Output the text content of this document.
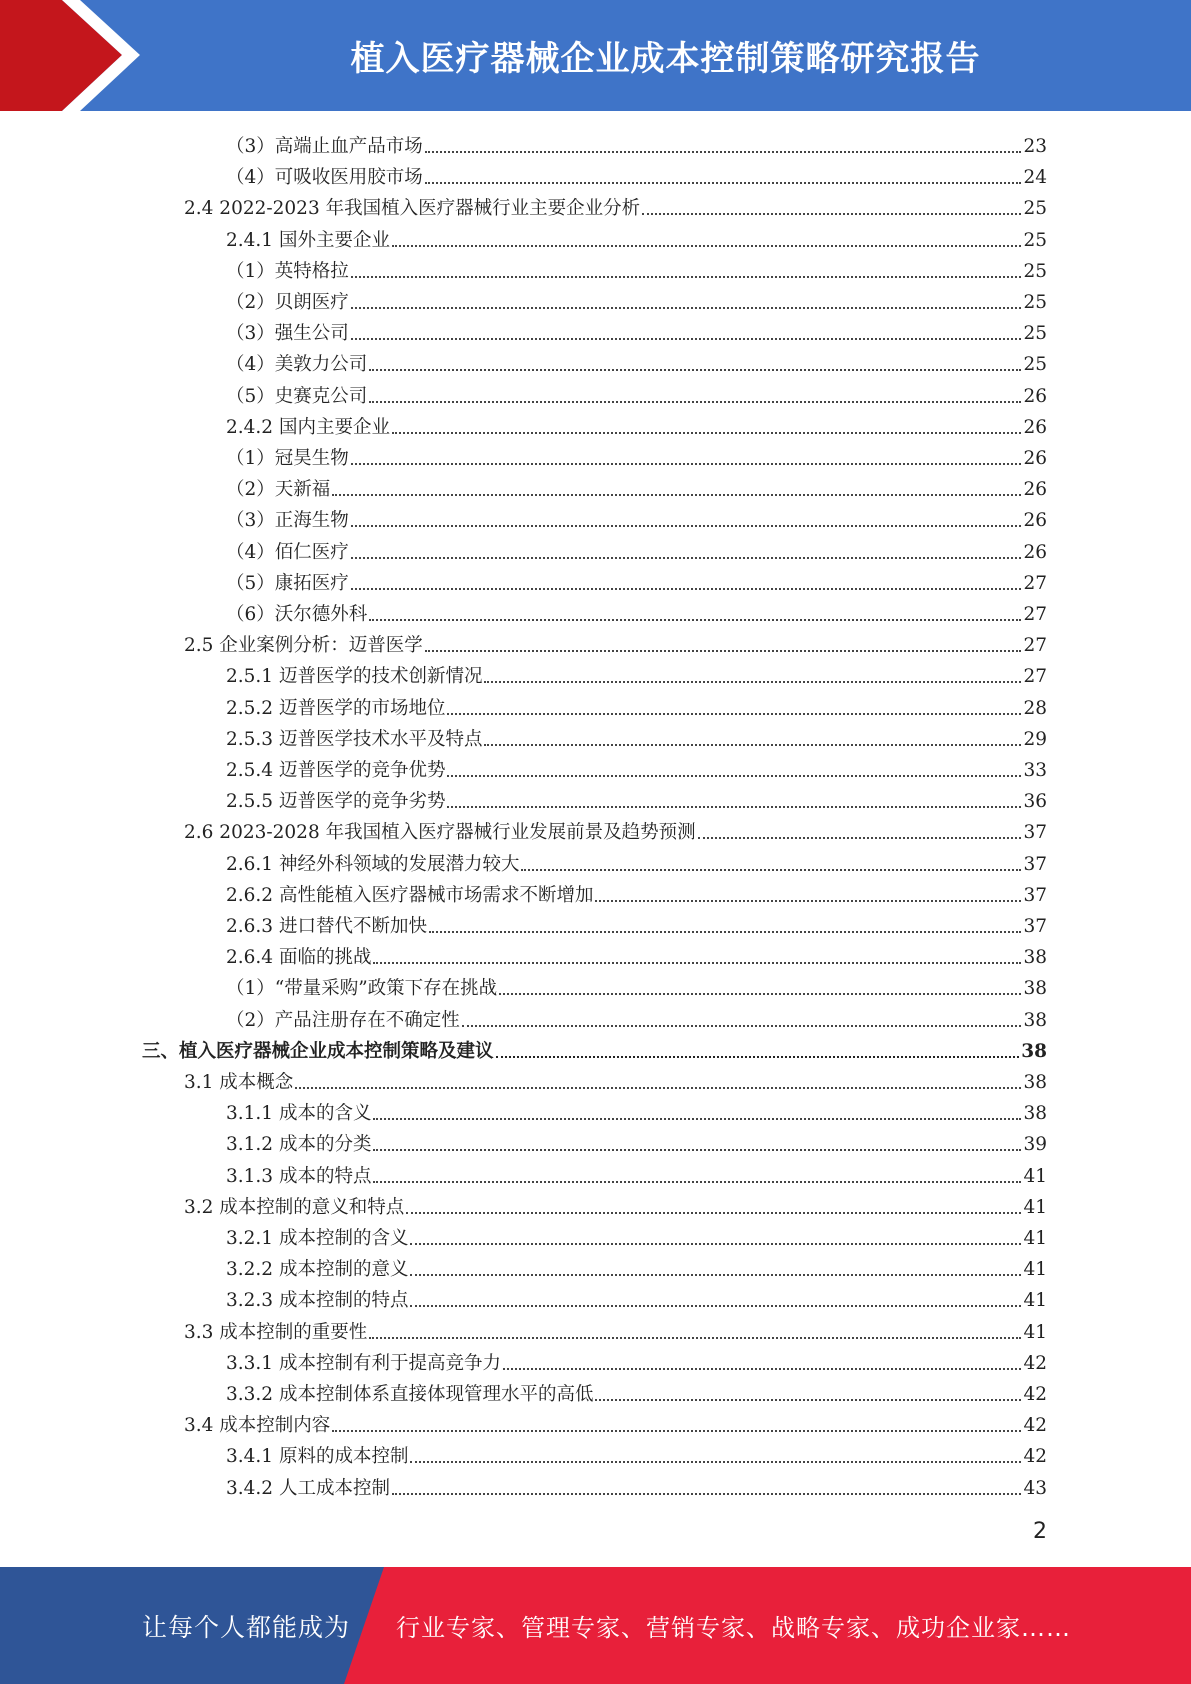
植入医疗器械企业成本控制策略研究报告
（3）高端止血产品市场	23
（4）可吸收医用胶市场	24
2.4 2022-2023 年我国植入医疗器械行业主要企业分析	25
2.4.1 国外主要企业	25
（1）英特格拉	25
（2）贝朗医疗	25
（3）强生公司	25
（4）美敦力公司	25
（5）史赛克公司	26
2.4.2 国内主要企业	26
（1）冠昊生物	26
（2）天新福	26
（3）正海生物	26
（4）佰仁医疗	26
（5）康拓医疗	27
（6）沃尔德外科	27
2.5 企业案例分析：迈普医学	27
2.5.1 迈普医学的技术创新情况	27
2.5.2 迈普医学的市场地位	28
2.5.3 迈普医学技术水平及特点	29
2.5.4 迈普医学的竞争优势	33
2.5.5 迈普医学的竞争劣势	36
2.6 2023-2028 年我国植入医疗器械行业发展前景及趋势预测	37
2.6.1 神经外科领域的发展潜力较大	37
2.6.2 高性能植入医疗器械市场需求不断增加	37
2.6.3 进口替代不断加快	37
2.6.4 面临的挑战	38
（1）“带量采购”政策下存在挑战	38
（2）产品注册存在不确定性	38
三、植入医疗器械企业成本控制策略及建议	38
3.1 成本概念	38
3.1.1 成本的含义	38
3.1.2 成本的分类	39
3.1.3 成本的特点	41
3.2 成本控制的意义和特点	41
3.2.1 成本控制的含义	41
3.2.2 成本控制的意义	41
3.2.3 成本控制的特点	41
3.3 成本控制的重要性	41
3.3.1 成本控制有利于提高竞争力	42
3.3.2 成本控制体系直接体现管理水平的高低	42
3.4 成本控制内容	42
3.4.1 原料的成本控制	42
3.4.2 人工成本控制	43
2
让每个人都能成为 行业专家、管理专家、营销专家、战略专家、成功企业家……
